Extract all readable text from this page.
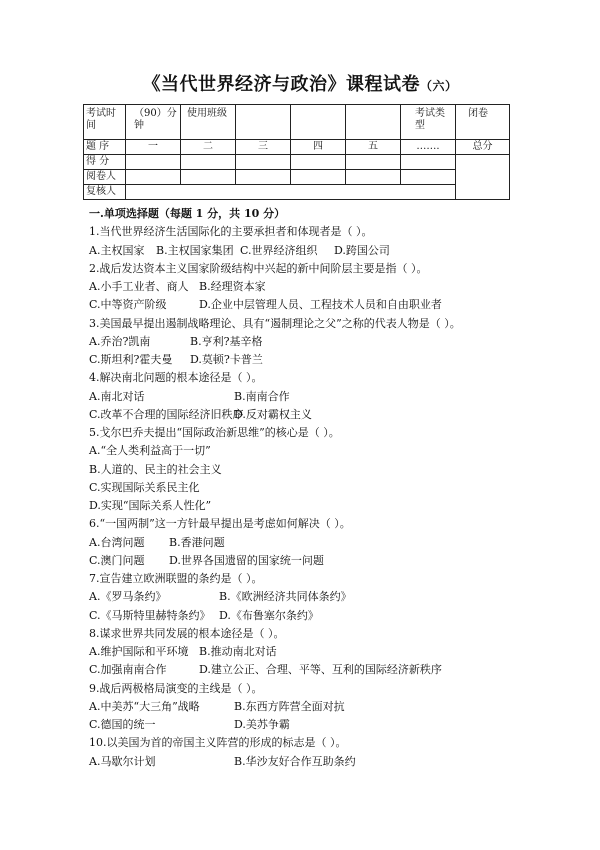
《当代世界经济与政治》课程试卷（六）
考试时间	（90）分钟	使用班级				考试类型	闭卷
题 序	一	二	三	四	五	…….	总分
得 分							
阅卷人							
复核人							
一.单项选择题（每题 1 分，共 10 分）
1.当代世界经济生活国际化的主要承担者和体现者是（ ）。
A.主权国家 B.主权国家集团 C.世界经济组织 D.跨国公司
2.战后发达资本主义国家阶级结构中兴起的新中间阶层主要是指（ ）。
A.小手工业者、商人 B.经理资本家
C.中等资产阶级	D.企业中层管理人员、工程技术人员和自由职业者
3.美国最早提出遏制战略理论、具有“遏制理论之父”之称的代表人物是（ ）。
A.乔治?凯南	B.亨利?基辛格
C.斯坦利?霍夫曼 D.莫顿?卡普兰
4.解决南北问题的根本途径是（ ）。
A.南北对话	B.南南合作
C.改革不合理的国际经济旧秩序D.反对霸权主义
5.戈尔巴乔夫提出“国际政治新思维”的核心是（ ）。
A.“全人类利益高于一切”
B.人道的、民主的社会主义
C.实现国际关系民主化
D.实现“国际关系人性化”
6.“一国两制”这一方针最早提出是考虑如何解决（ ）。
A.台湾问题 B.香港问题
C.澳门问题 D.世界各国遗留的国家统一问题
7.宣告建立欧洲联盟的条约是（ ）。
A.《罗马条约》	B.《欧洲经济共同体条约》
C.《马斯特里赫特条约》 D.《布鲁塞尔条约》
8.谋求世界共同发展的根本途径是（ ）。
A.维护国际和平环境 B.推动南北对话
C.加强南南合作	D.建立公正、合理、平等、互利的国际经济新秩序
9.战后两极格局演变的主线是（ ）。
A.中美苏“大三角”战略	B.东西方阵营全面对抗
C.德国的统一	D.美苏争霸
10.以美国为首的帝国主义阵营的形成的标志是（ ）。
A.马歇尔计划	B.华沙友好合作互助条约
